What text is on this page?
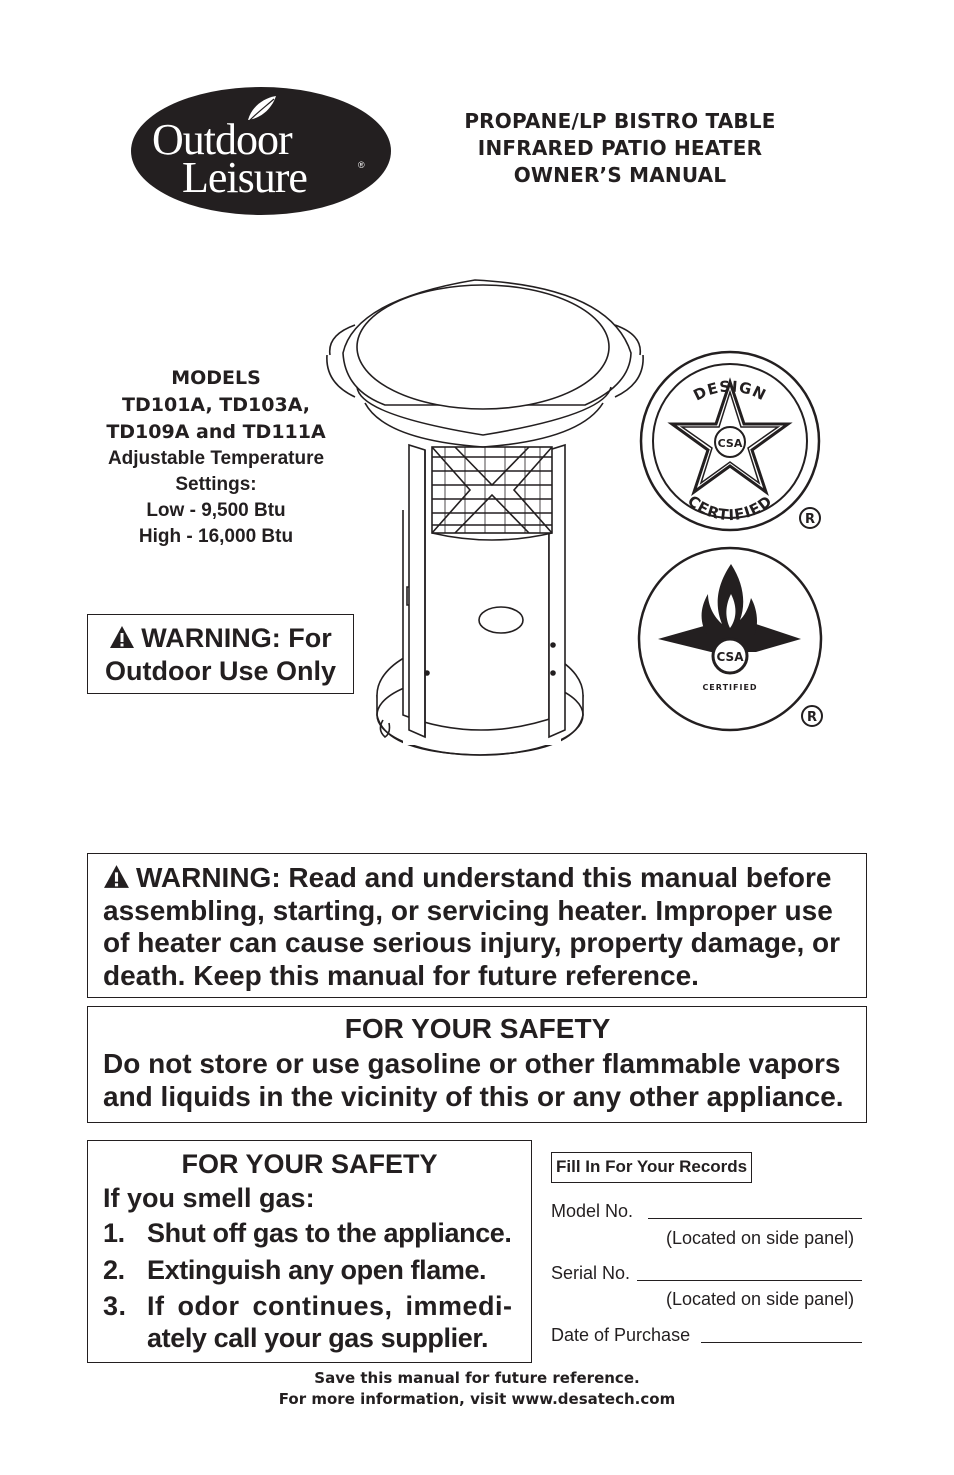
Outdoor
Leisure	®
PROPANE/LP BISTRO TABLE
INFRARED PATIO HEATER
OWNER’S MANUAL
MODELS
TD101A, TD103A,
TD109A and TD111A
Adjustable Temperature
Settings:
Low - 9,500 Btu
High - 16,000 Btu
WARNING: For
Outdoor Use Only
DESIGN
CERTIFIED
CSA
R
CSA
CERTIFIED
R
WARNING: Read and understand this manual before
assembling, starting, or servicing heater. Improper use
of heater can cause serious injury, property damage, or
death. Keep this manual for future reference.
FOR YOUR SAFETY
Do not store or use gasoline or other flammable vapors
and liquids in the vicinity of this or any other appliance.
FOR YOUR SAFETY
If you smell gas:
1. Shut off gas to the appliance.
2. Extinguish any open flame.
3. If odor continues, immedi-
ately call your gas supplier.
Fill In For Your Records
Model No.
(Located on side panel)
Serial No.
(Located on side panel)
Date of Purchase
Save this manual for future reference.
For more information, visit www.desatech.com
